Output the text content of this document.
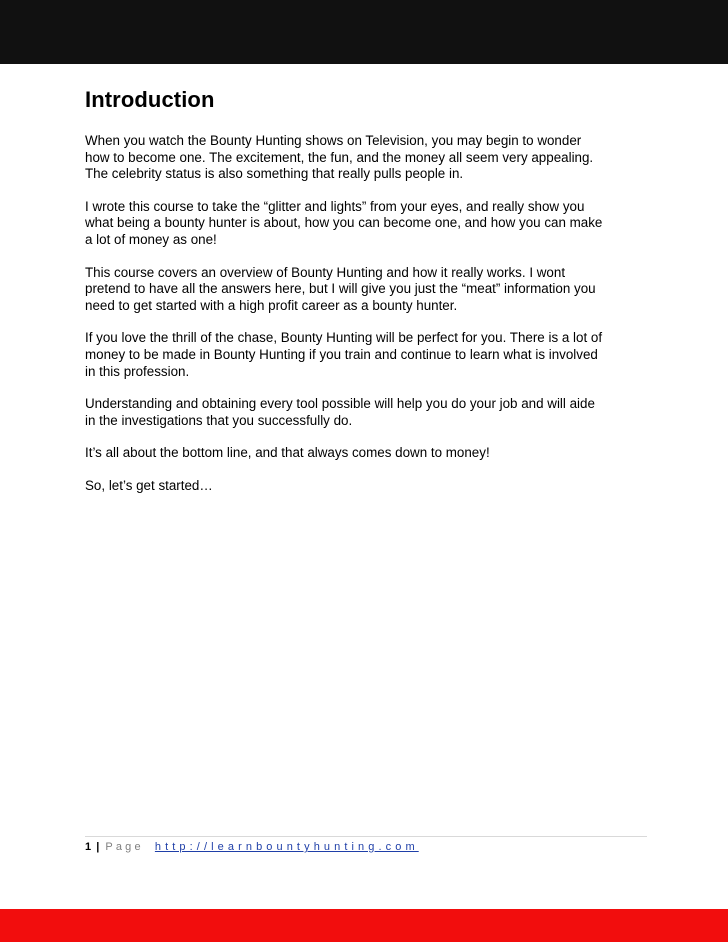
Introduction

When you watch the Bounty Hunting shows on Television, you may begin to wonder
how to become one. The excitement, the fun, and the money all seem very appealing.
The celebrity status is also something that really pulls people in.

I wrote this course to take the “glitter and lights” from your eyes, and really show you
what being a bounty hunter is about, how you can become one, and how you can make
a lot of money as one!

This course covers an overview of Bounty Hunting and how it really works. I wont
pretend to have all the answers here, but I will give you just the “meat” information you
need to get started with a high profit career as a bounty hunter.

If you love the thrill of the chase, Bounty Hunting will be perfect for you. There is a lot of
money to be made in Bounty Hunting if you train and continue to learn what is involved
in this profession.

Understanding and obtaining every tool possible will help you do your job and will aide
in the investigations that you successfully do.

It’s all about the bottom line, and that always comes down to money!

So, let’s get started…

1 | Page http://learnbountyhunting.com
